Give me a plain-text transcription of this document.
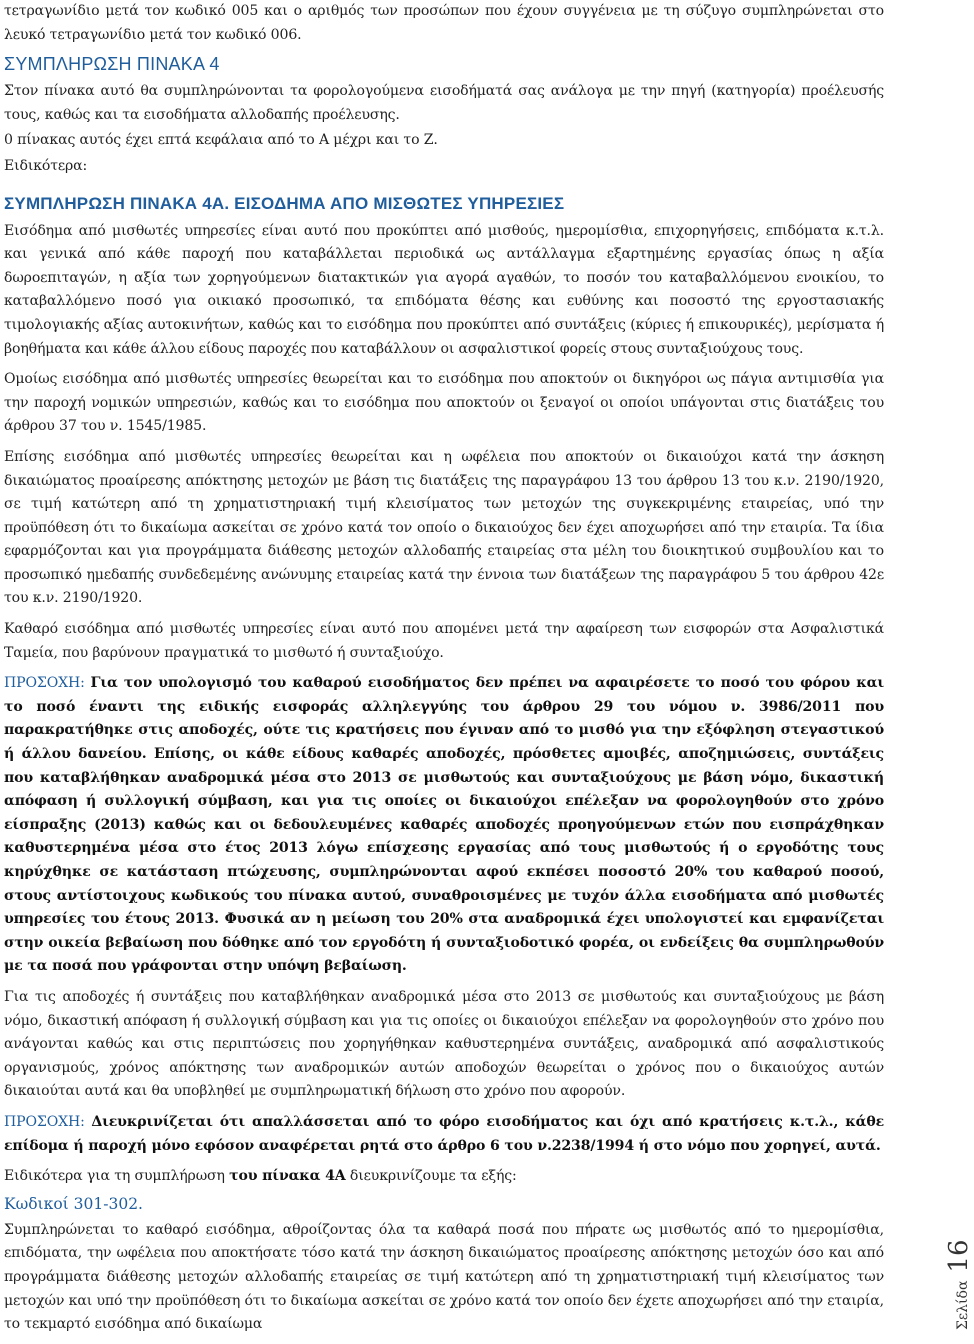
τετραγωνίδιο μετά τον κωδικό 005 και ο αριθμός των προσώπων που έχουν συγγένεια με τη σύζυγο συμπληρώνεται στο λευκό τετραγωνίδιο μετά τον κωδικό 006.

ΣΥΜΠΛΗΡΩΣΗ ΠΙΝΑΚΑ 4

Στον πίνακα αυτό θα συμπληρώνονται τα φορολογούμενα εισοδήματά σας ανάλογα με την πηγή (κατηγορία) προέλευσής τους, καθώς και τα εισοδήματα αλλοδαπής προέλευσης.

0 πίνακας αυτός έχει επτά κεφάλαια από το Α μέχρι και το Ζ.

Ειδικότερα:

ΣΥΜΠΛΗΡΩΣΗ ΠΙΝΑΚΑ 4Α. ΕΙΣΟΔΗΜΑ ΑΠΟ ΜΙΣΘΩΤΕΣ ΥΠΗΡΕΣΙΕΣ

Εισόδημα από μισθωτές υπηρεσίες είναι αυτό που προκύπτει από μισθούς, ημερομίσθια, επιχορηγήσεις, επιδόματα κ.τ.λ. και γενικά από κάθε παροχή που καταβάλλεται περιοδικά ως αντάλλαγμα εξαρτημένης εργασίας όπως η αξία δωροεπιταγών, η αξία των χορηγούμενων διατακτικών για αγορά αγαθών, το ποσόν του καταβαλλόμενου ενοικίου, το καταβαλλόμενο ποσό για οικιακό προσωπικό, τα επιδόματα θέσης και ευθύνης και ποσοστό της εργοστασιακής τιμολογιακής αξίας αυτοκινήτων, καθώς και το εισόδημα που προκύπτει από συντάξεις (κύριες ή επικουρικές), μερίσματα ή βοηθήματα και κάθε άλλου είδους παροχές που καταβάλλουν οι ασφαλιστικοί φορείς στους συνταξιούχους τους.

Ομοίως εισόδημα από μισθωτές υπηρεσίες θεωρείται και το εισόδημα που αποκτούν οι δικηγόροι ως πάγια αντιμισθία για την παροχή νομικών υπηρεσιών, καθώς και το εισόδημα που αποκτούν οι ξεναγοί οι οποίοι υπάγονται στις διατάξεις του άρθρου 37 του ν. 1545/1985.

Επίσης εισόδημα από μισθωτές υπηρεσίες θεωρείται και η ωφέλεια που αποκτούν οι δικαιούχοι κατά την άσκηση δικαιώματος προαίρεσης απόκτησης μετοχών με βάση τις διατάξεις της παραγράφου 13 του άρθρου 13 του κ.ν. 2190/1920, σε τιμή κατώτερη από τη χρηματιστηριακή τιμή κλεισίματος των μετοχών της συγκεκριμένης εταιρείας, υπό την προϋπόθεση ότι το δικαίωμα ασκείται σε χρόνο κατά τον οποίο ο δικαιούχος δεν έχει αποχωρήσει από την εταιρία. Τα ίδια εφαρμόζονται και για προγράμματα διάθεσης μετοχών αλλοδαπής εταιρείας στα μέλη του διοικητικού συμβουλίου και το προσωπικό ημεδαπής συνδεδεμένης ανώνυμης εταιρείας κατά την έννοια των διατάξεων της παραγράφου 5 του άρθρου 42ε του κ.ν. 2190/1920.

Καθαρό εισόδημα από μισθωτές υπηρεσίες είναι αυτό που απομένει μετά την αφαίρεση των εισφορών στα Ασφαλιστικά Ταμεία, που βαρύνουν πραγματικά το μισθωτό ή συνταξιούχο.

ΠΡΟΣΟΧΗ: Για τον υπολογισμό του καθαρού εισοδήματος δεν πρέπει να αφαιρέσετε το ποσό του φόρου και το ποσό έναντι της ειδικής εισφοράς αλληλεγγύης του άρθρου 29 του νόμου ν. 3986/2011 που παρακρατήθηκε στις αποδοχές, ούτε τις κρατήσεις που έγιναν από το μισθό για την εξόφληση στεγαστικού ή άλλου δανείου. Επίσης, οι κάθε είδους καθαρές αποδοχές, πρόσθετες αμοιβές, αποζημιώσεις, συντάξεις που καταβλήθηκαν αναδρομικά μέσα στο 2013 σε μισθωτούς και συνταξιούχους με βάση νόμο, δικαστική απόφαση ή συλλογική σύμβαση, και για τις οποίες οι δικαιούχοι επέλεξαν να φορολογηθούν στο χρόνο είσπραξης (2013) καθώς και οι δεδουλευμένες καθαρές αποδοχές προηγούμενων ετών που εισπράχθηκαν καθυστερημένα μέσα στο έτος 2013 λόγω επίσχεσης εργασίας από τους μισθωτούς ή ο εργοδότης τους κηρύχθηκε σε κατάσταση πτώχευσης, συμπληρώνονται αφού εκπέσει ποσοστό 20% του καθαρού ποσού, στους αντίστοιχους κωδικούς του πίνακα αυτού, συναθροισμένες με τυχόν άλλα εισοδήματα από μισθωτές υπηρεσίες του έτους 2013. Φυσικά αν η μείωση του 20% στα αναδρομικά έχει υπολογιστεί και εμφανίζεται στην οικεία βεβαίωση που δόθηκε από τον εργοδότη ή συνταξιοδοτικό φορέα, οι ενδείξεις θα συμπληρωθούν με τα ποσά που γράφονται στην υπόψη βεβαίωση.

Για τις αποδοχές ή συντάξεις που καταβλήθηκαν αναδρομικά μέσα στο 2013 σε μισθωτούς και συνταξιούχους με βάση νόμο, δικαστική απόφαση ή συλλογική σύμβαση και για τις οποίες οι δικαιούχοι επέλεξαν να φορολογηθούν στο χρόνο που ανάγονται καθώς και στις περιπτώσεις που χορηγήθηκαν καθυστερημένα συντάξεις, αναδρομικά από ασφαλιστικούς οργανισμούς, χρόνος απόκτησης των αναδρομικών αυτών αποδοχών θεωρείται ο χρόνος που ο δικαιούχος αυτών δικαιούται αυτά και θα υποβληθεί με συμπληρωματική δήλωση στο χρόνο που αφορούν.

ΠΡΟΣΟΧΗ: Διευκρινίζεται ότι απαλλάσσεται από το φόρο εισοδήματος και όχι από κρατήσεις κ.τ.λ., κάθε επίδομα ή παροχή μόνο εφόσον αναφέρεται ρητά στο άρθρο 6 του ν.2238/1994 ή στο νόμο που χορηγεί, αυτά.

Ειδικότερα για τη συμπλήρωση του πίνακα 4Α διευκρινίζουμε τα εξής:

Κωδικοί 301-302.

Συμπληρώνεται το καθαρό εισόδημα, αθροίζοντας όλα τα καθαρά ποσά που πήρατε ως μισθωτός από το ημερομίσθια, επιδόματα, την ωφέλεια που αποκτήσατε τόσο κατά την άσκηση δικαιώματος προαίρεσης απόκτησης μετοχών όσο και από προγράμματα διάθεσης μετοχών αλλοδαπής εταιρείας σε τιμή κατώτερη από τη χρηματιστηριακή τιμή κλεισίματος των μετοχών και υπό την προϋπόθεση ότι το δικαίωμα ασκείται σε χρόνο κατά τον οποίο δεν έχετε αποχωρήσει από την εταιρία, το τεκμαρτό εισόδημα από δικαίωμα	Σελίδα16
